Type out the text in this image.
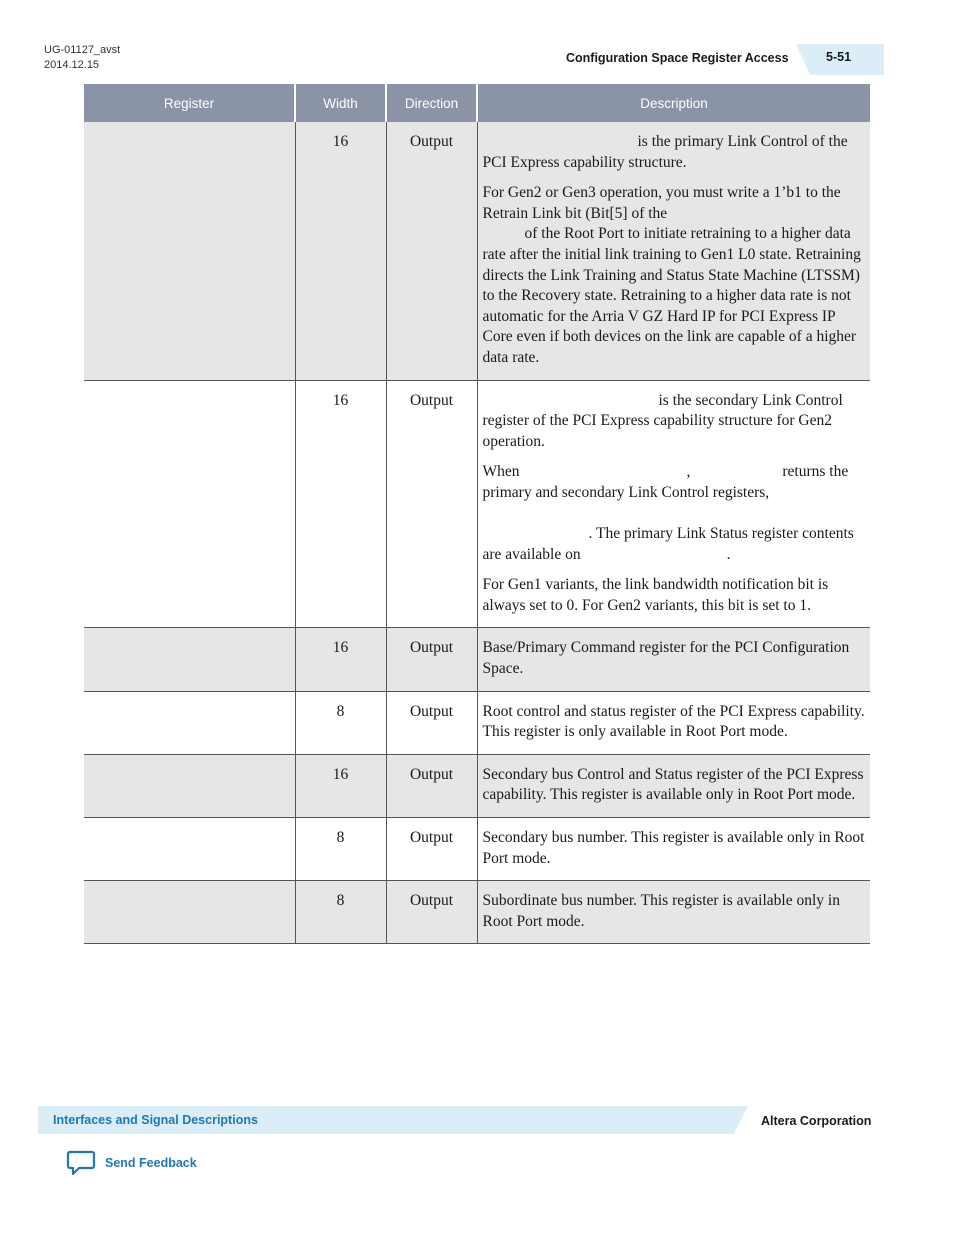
UG-01127_avst
2014.12.15	Configuration Space Register Access	5-51
Register	Width	Direction	Description
	16	Output	is the primary Link Control of the PCI Express capability structure.

For Gen2 or Gen3 operation, you must write a 1’b1 to the Retrain Link bit (Bit[5] of the
of the Root Port to initiate retraining to a higher data rate after the initial link training to Gen1 L0 state. Retraining directs the Link Training and Status State Machine (LTSSM) to the Recovery state. Retraining to a higher data rate is not automatic for the Arria V GZ Hard IP for PCI Express IP Core even if both devices on the link are capable of a higher data rate.

	16	Output	is the secondary Link Control register of the PCI Express capability structure for Gen2 operation.

When , returns the primary and secondary Link Control registers,

. The primary Link Status register contents are available on .

For Gen1 variants, the link bandwidth notification bit is always set to 0. For Gen2 variants, this bit is set to 1.

	16	Output	Base/Primary Command register for the PCI Configuration Space.

	8	Output	Root control and status register of the PCI Express capability. This register is only available in Root Port mode.

	16	Output	Secondary bus Control and Status register of the PCI Express capability. This register is available only in Root Port mode.

	8	Output	Secondary bus number. This register is available only in Root Port mode.

	8	Output	Subordinate bus number. This register is available only in Root Port mode.

Interfaces and Signal Descriptions	Altera Corporation
Send Feedback
